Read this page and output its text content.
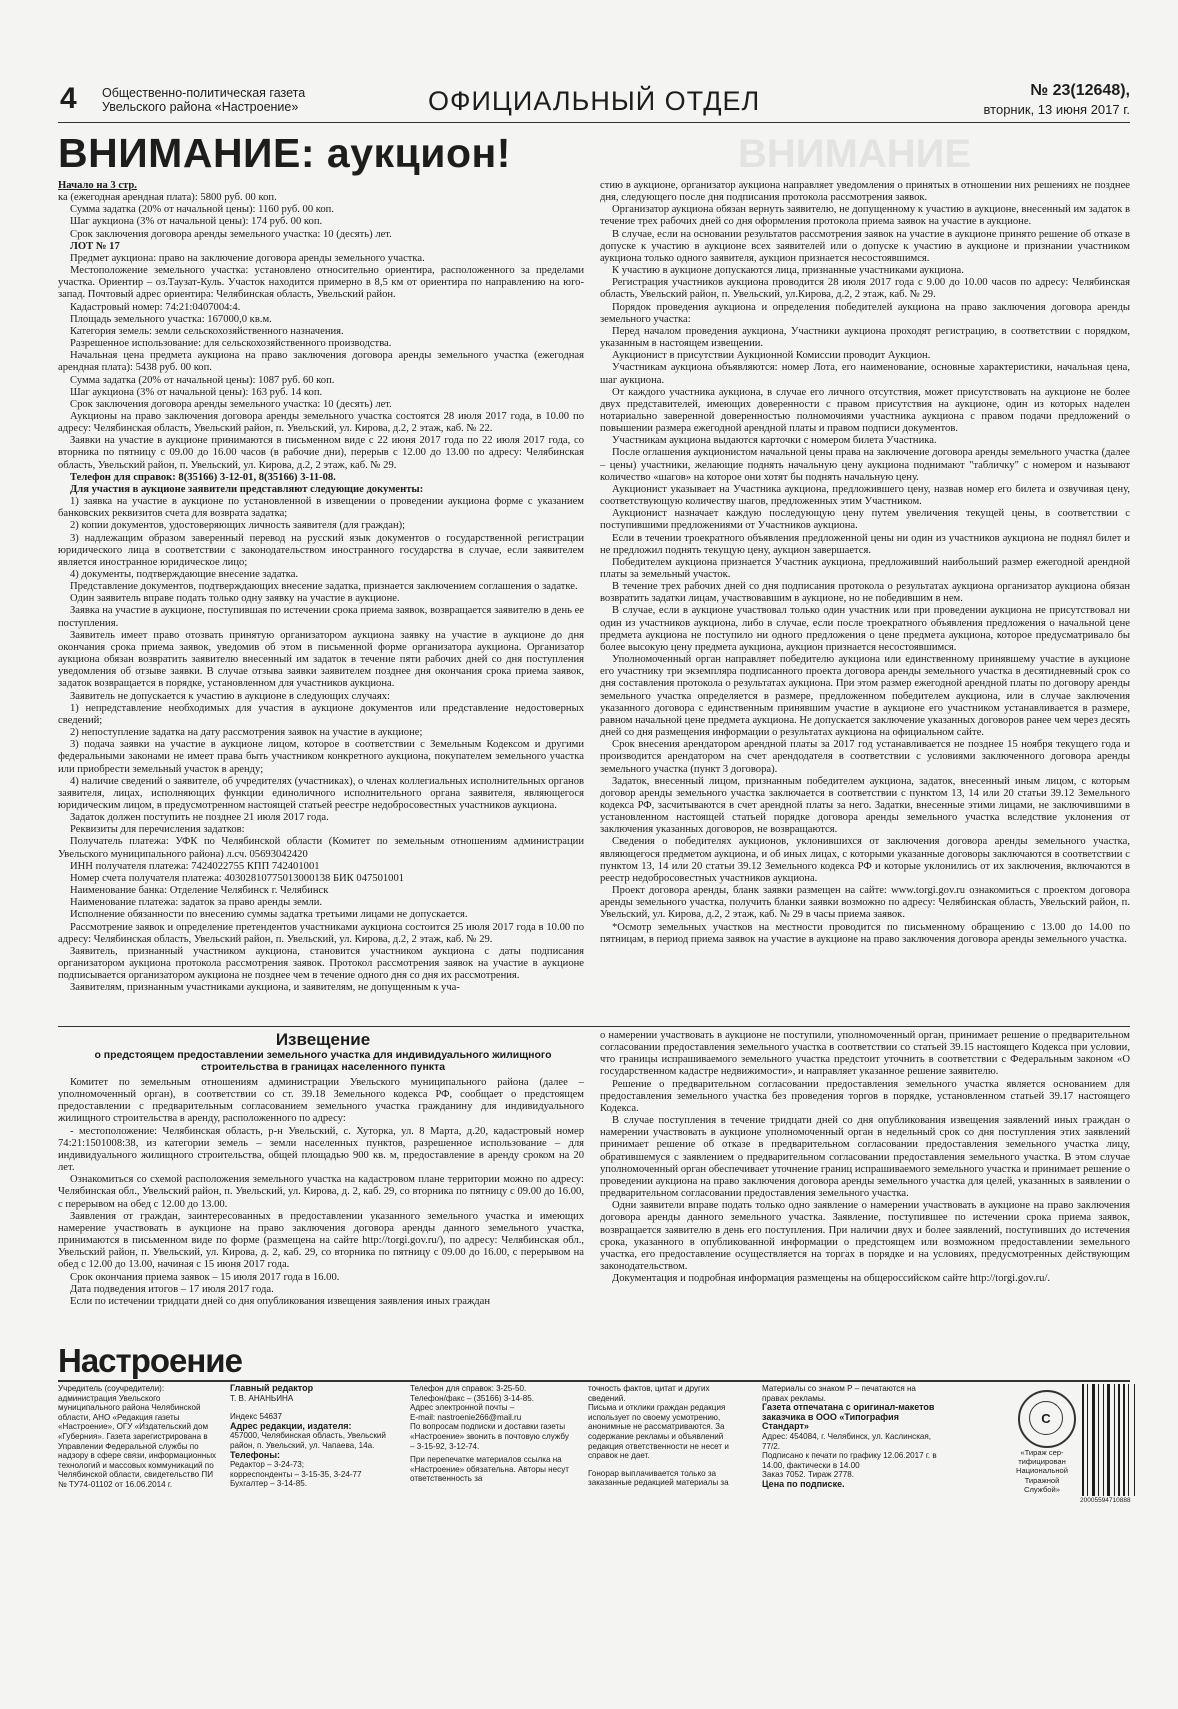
4 Общественно-политическая газета
Увельского района «Настроение»	ОФИЦИАЛЬНЫЙ ОТДЕЛ	№ 23(12648),
вторник, 13 июня 2017 г.
ВНИМАНИЕ
ВНИМАНИЕ: аукцион!

Начало на 3 стр.

ка (ежегодная арендная плата): 5800 руб. 00 коп.

Сумма задатка (20% от начальной цены): 1160 руб. 00 коп.

Шаг аукциона (3% от начальной цены): 174 руб. 00 коп.

Срок заключения договора аренды земельного участка: 10 (десять) лет.

ЛОТ № 17

Предмет аукциона: право на заключение договора аренды земельного участка.

Местоположение земельного участка: установлено относительно ориентира, расположенного за пределами участка. Ориентир – оз.Таузат-Куль. Участок находится примерно в 8,5 км от ориентира по направлению на юго-запад. Почтовый адрес ориентира: Челябинская область, Увельский район.

Кадастровый номер: 74:21:0407004:4.

Площадь земельного участка: 167000,0 кв.м.

Категория земель: земли сельскохозяйственного назначения.

Разрешенное использование: для сельскохозяйственного производства.

Начальная цена предмета аукциона на право заключения договора аренды земельного участка (ежегодная арендная плата): 5438 руб. 00 коп.

Сумма задатка (20% от начальной цены): 1087 руб. 60 коп.

Шаг аукциона (3% от начальной цены): 163 руб. 14 коп.

Срок заключения договора аренды земельного участка: 10 (десять) лет.

Аукционы на право заключения договора аренды земельного участка состоятся 28 июля 2017 года, в 10.00 по адресу: Челябинская область, Увельский район, п. Увельский, ул. Кирова, д.2, 2 этаж, каб. № 22.

Заявки на участие в аукционе принимаются в письменном виде с 22 июня 2017 года по 22 июля 2017 года, со вторника по пятницу с 09.00 до 16.00 часов (в рабочие дни), перерыв с 12.00 до 13.00 по адресу: Челябинская область, Увельский район, п. Увельский, ул. Кирова, д.2, 2 этаж, каб. № 29.

Телефон для справок: 8(35166) 3-12-01, 8(35166) 3-11-08.

Для участия в аукционе заявители представляют следующие документы:

1) заявка на участие в аукционе по установленной в извещении о проведении аукциона форме с указанием банковских реквизитов счета для возврата задатка;

2) копии документов, удостоверяющих личность заявителя (для граждан);

3) надлежащим образом заверенный перевод на русский язык документов о государственной регистрации юридического лица в соответствии с законодательством иностранного государства в случае, если заявителем является иностранное юридическое лицо;

4) документы, подтверждающие внесение задатка.

Представление документов, подтверждающих внесение задатка, признается заключением соглашения о задатке.

Один заявитель вправе подать только одну заявку на участие в аукционе.

Заявка на участие в аукционе, поступившая по истечении срока приема заявок, возвращается заявителю в день ее поступления.

Заявитель имеет право отозвать принятую организатором аукциона заявку на участие в аукционе до дня окончания срока приема заявок, уведомив об этом в письменной форме организатора аукциона. Организатор аукциона обязан возвратить заявителю внесенный им задаток в течение пяти рабочих дней со дня поступления уведомления об отзыве заявки. В случае отзыва заявки заявителем позднее дня окончания срока приема заявок, задаток возвращается в порядке, установленном для участников аукциона.

Заявитель не допускается к участию в аукционе в следующих случаях:

1) непредставление необходимых для участия в аукционе документов или представление недостоверных сведений;

2) непоступление задатка на дату рассмотрения заявок на участие в аукционе;

3) подача заявки на участие в аукционе лицом, которое в соответствии с Земельным Кодексом и другими федеральными законами не имеет права быть участником конкретного аукциона, покупателем земельного участка или приобрести земельный участок в аренду;

4) наличие сведений о заявителе, об учредителях (участниках), о членах коллегиальных исполнительных органов заявителя, лицах, исполняющих функции единоличного исполнительного органа заявителя, являющегося юридическим лицом, в предусмотренном настоящей статьей реестре недобросовестных участников аукциона.

Задаток должен поступить не позднее 21 июля 2017 года.

Реквизиты для перечисления задатков:

Получатель платежа: УФК по Челябинской области (Комитет по земельным отношениям администрации Увельского муниципального района) л.сч. 05693042420

ИНН получателя платежа: 7424022755 КПП 742401001

Номер счета получателя платежа: 40302810775013000138 БИК 047501001

Наименование банка: Отделение Челябинск г. Челябинск

Наименование платежа: задаток за право аренды земли.

Исполнение обязанности по внесению суммы задатка третьими лицами не допускается.

Рассмотрение заявок и определение претендентов участниками аукциона состоится 25 июля 2017 года в 10.00 по адресу: Челябинская область, Увельский район, п. Увельский, ул. Кирова, д.2, 2 этаж, каб. № 29.

Заявитель, признанный участником аукциона, становится участником аукциона с даты подписания организатором аукциона протокола рассмотрения заявок. Протокол рассмотрения заявок на участие в аукционе подписывается организатором аукциона не позднее чем в течение одного дня со дня их рассмотрения.

Заявителям, признанным участниками аукциона, и заявителям, не допущенным к уча-

стию в аукционе, организатор аукциона направляет уведомления о принятых в отношении них решениях не позднее дня, следующего после дня подписания протокола рассмотрения заявок.

Организатор аукциона обязан вернуть заявителю, не допущенному к участию в аукционе, внесенный им задаток в течение трех рабочих дней со дня оформления протокола приема заявок на участие в аукционе.

В случае, если на основании результатов рассмотрения заявок на участие в аукционе принято решение об отказе в допуске к участию в аукционе всех заявителей или о допуске к участию в аукционе и признании участником аукциона только одного заявителя, аукцион признается несостоявшимся.

К участию в аукционе допускаются лица, признанные участниками аукциона.

Регистрация участников аукциона проводится 28 июля 2017 года с 9.00 до 10.00 часов по адресу: Челябинская область, Увельский район, п. Увельский, ул.Кирова, д.2, 2 этаж, каб. № 29.

Порядок проведения аукциона и определения победителей аукциона на право заключения договора аренды земельного участка:

Перед началом проведения аукциона, Участники аукциона проходят регистрацию, в соответствии с порядком, указанным в настоящем извещении.

Аукционист в присутствии Аукционной Комиссии проводит Аукцион.

Участникам аукциона объявляются: номер Лота, его наименование, основные характеристики, начальная цена, шаг аукциона.

От каждого участника аукциона, в случае его личного отсутствия, может присутствовать на аукционе не более двух представителей, имеющих доверенности с правом присутствия на аукционе, один из которых наделен нотариально заверенной доверенностью полномочиями участника аукциона с правом подачи предложений о повышении размера ежегодной арендной платы и правом подписи документов.

Участникам аукциона выдаются карточки с номером билета Участника.

После оглашения аукционистом начальной цены права на заключение договора аренды земельного участка (далее – цены) участники, желающие поднять начальную цену аукциона поднимают "табличку" с номером и называют количество «шагов» на которое они хотят бы поднять начальную цену.

Аукционист указывает на Участника аукциона, предложившего цену, назвав номер его билета и озвучивая цену, соответствующую количеству шагов, предложенных этим Участником.

Аукционист назначает каждую последующую цену путем увеличения текущей цены, в соответствии с поступившими предложениями от Участников аукциона.

Если в течении троекратного объявления предложенной цены ни один из участников аукциона не поднял билет и не предложил поднять текущую цену, аукцион завершается.

Победителем аукциона признается Участник аукциона, предложивший наибольший размер ежегодной арендной платы за земельный участок.

В течение трех рабочих дней со дня подписания протокола о результатах аукциона организатор аукциона обязан возвратить задатки лицам, участвовавшим в аукционе, но не победившим в нем.

В случае, если в аукционе участвовал только один участник или при проведении аукциона не присутствовал ни один из участников аукциона, либо в случае, если после троекратного объявления предложения о начальной цене предмета аукциона не поступило ни одного предложения о цене предмета аукциона, которое предусматривало бы более высокую цену предмета аукциона, аукцион признается несостоявшимся.

Уполномоченный орган направляет победителю аукциона или единственному принявшему участие в аукционе его участнику три экземпляра подписанного проекта договора аренды земельного участка в десятидневный срок со дня составления протокола о результатах аукциона. При этом размер ежегодной арендной платы по договору аренды земельного участка определяется в размере, предложенном победителем аукциона, или в случае заключения указанного договора с единственным принявшим участие в аукционе его участником устанавливается в размере, равном начальной цене предмета аукциона. Не допускается заключение указанных договоров ранее чем через десять дней со дня размещения информации о результатах аукциона на официальном сайте.

Срок внесения арендатором арендной платы за 2017 год устанавливается не позднее 15 ноября текущего года и производится арендатором на счет арендодателя в соответствии с условиями заключенного договора аренды земельного участка (пункт 3 договора).

Задаток, внесенный лицом, признанным победителем аукциона, задаток, внесенный иным лицом, с которым договор аренды земельного участка заключается в соответствии с пунктом 13, 14 или 20 статьи 39.12 Земельного кодекса РФ, засчитываются в счет арендной платы за него. Задатки, внесенные этими лицами, не заключившими в установленном настоящей статьей порядке договора аренды земельного участка вследствие уклонения от заключения указанных договоров, не возвращаются.

Сведения о победителях аукционов, уклонившихся от заключения договора аренды земельного участка, являющегося предметом аукциона, и об иных лицах, с которыми указанные договоры заключаются в соответствии с пунктом 13, 14 или 20 статьи 39.12 Земельного кодекса РФ и которые уклонились от их заключения, включаются в реестр недобросовестных участников аукциона.

Проект договора аренды, бланк заявки размещен на сайте: www.torgi.gov.ru ознакомиться с проектом договора аренды земельного участка, получить бланки заявки возможно по адресу: Челябинская область, Увельский район, п. Увельский, ул. Кирова, д.2, 2 этаж, каб. № 29 в часы приема заявок.

*Осмотр земельных участков на местности проводится по письменному обращению с 13.00 до 14.00 по пятницам, в период приема заявок на участие в аукционе на право заключения договора аренды земельного участка.

Извещение
о предстоящем предоставлении земельного участка для индивидуального жилищного строительства в границах населенного пункта

Комитет по земельным отношениям администрации Увельского муниципального района (далее – уполномоченный орган), в соответствии со ст. 39.18 Земельного кодекса РФ, сообщает о предстоящем предоставлении с предварительным согласованием земельного участка гражданину для индивидуального жилищного строительства в аренду, расположенного по адресу:

- местоположение: Челябинская область, р-н Увельский, с. Хуторка, ул. 8 Марта, д.20, кадастровый номер 74:21:1501008:38, из категории земель – земли населенных пунктов, разрешенное использование – для индивидуального жилищного строительства, общей площадью 900 кв. м, предоставление в аренду сроком на 20 лет.

Ознакомиться со схемой расположения земельного участка на кадастровом плане территории можно по адресу: Челябинская обл., Увельский район, п. Увельский, ул. Кирова, д. 2, каб. 29, со вторника по пятницу с 09.00 до 16.00, с перерывом на обед с 12.00 до 13.00.

Заявления от граждан, заинтересованных в предоставлении указанного земельного участка и имеющих намерение участвовать в аукционе на право заключения договора аренды данного земельного участка, принимаются в письменном виде по форме (размещена на сайте http://torgi.gov.ru/), по адресу: Челябинская обл., Увельский район, п. Увельский, ул. Кирова, д. 2, каб. 29, со вторника по пятницу с 09.00 до 16.00, с перерывом на обед с 12.00 до 13.00, начиная с 15 июня 2017 года.

Срок окончания приема заявок – 15 июля 2017 года в 16.00.

Дата подведения итогов – 17 июля 2017 года.

Если по истечении тридцати дней со дня опубликования извещения заявления иных граждан

о намерении участвовать в аукционе не поступили, уполномоченный орган, принимает решение о предварительном согласовании предоставления земельного участка в соответствии со статьей 39.15 настоящего Кодекса при условии, что границы испрашиваемого земельного участка предстоит уточнить в соответствии с Федеральным законом «О государственном кадастре недвижимости», и направляет указанное решение заявителю.

Решение о предварительном согласовании предоставления земельного участка является основанием для предоставления земельного участка без проведения торгов в порядке, установленном статьей 39.17 настоящего Кодекса.

В случае поступления в течение тридцати дней со дня опубликования извещения заявлений иных граждан о намерении участвовать в аукционе уполномоченный орган в недельный срок со дня поступления этих заявлений принимает решение об отказе в предварительном согласовании предоставления земельного участка лицу, обратившемуся с заявлением о предварительном согласовании предоставления земельного участка. В этом случае уполномоченный орган обеспечивает уточнение границ испрашиваемого земельного участка и принимает решение о проведении аукциона на право заключения договора аренды земельного участка для целей, указанных в заявлении о предварительном согласовании предоставления земельного участка.

Одни заявители вправе подать только одно заявление о намерении участвовать в аукционе на право заключения договора аренды данного земельного участка. Заявление, поступившее по истечении срока приема заявок, возвращается заявителю в день его поступления. При наличии двух и более заявлений, поступивших до истечения срока, указанного в опубликованной информации о предстоящем или возможном предоставлении земельного участка, его предоставление осуществляется на торгах в порядке и на условиях, предусмотренных действующим законодательством.

Документация и подробная информация размещены на общероссийском сайте http://torgi.gov.ru/.

Настроение

Учредитель (соучредители): администрация Увельского муниципального района Челябинской области, АНО «Редакция газеты «Настроение», ОГУ «Издательский дом «Губерния». Газета зарегистрирована в Управлении Федеральной службы по надзору в сфере связи, информационных технологий и массовых коммуникаций по Челябинской области, свидетельство ПИ № ТУ74-01102 от 16.06.2014 г.

Главный редактор

Т. В. АНАНЬИНА

Индекс 54637

Адрес редакции, издателя:

457000, Челябинская область, Увельский район, п. Увельский, ул. Чапаева, 14а.

Телефоны:

Редактор – 3-24-73;

корреспонденты – 3-15-35, 3-24-77

Бухгалтер – 3-14-85.

Телефон для справок: 3-25-50.

Телефон/факс – (35166) 3-14-85.

Адрес электронной почты –

E-mail: nastroenie266@mail.ru

По вопросам подписки и доставки газеты «Настроение» звонить в почтовую службу – 3-15-92, 3-12-74.

При перепечатке материалов ссылка на «Настроение» обязательна. Авторы несут ответственность за

точность фактов, цитат и других сведений.

Письма и отклики граждан редакция использует по своему усмотрению, анонимные не рассматриваются. За содержание рекламы и объявлений редакция ответственности не несет и справок не дает.

Гонорар выплачивается только за заказанные редакцией материалы за

Материалы со знаком Р – печатаются на правах рекламы.

Газета отпечатана с оригинал-макетов заказчика в ООО «Типография Стандарт»

Адрес: 454084, г. Челябинск, ул. Каслинская, 77/2.

Подписано к печати по графику 12.06.2017 г. в 14.00, фактически в 14.00

Заказ 7052. Тираж 2778.

Цена по подписке.

С
«Тираж сер-
тифицирован
Национальной
Тиражной
Службой»
20005594710888
